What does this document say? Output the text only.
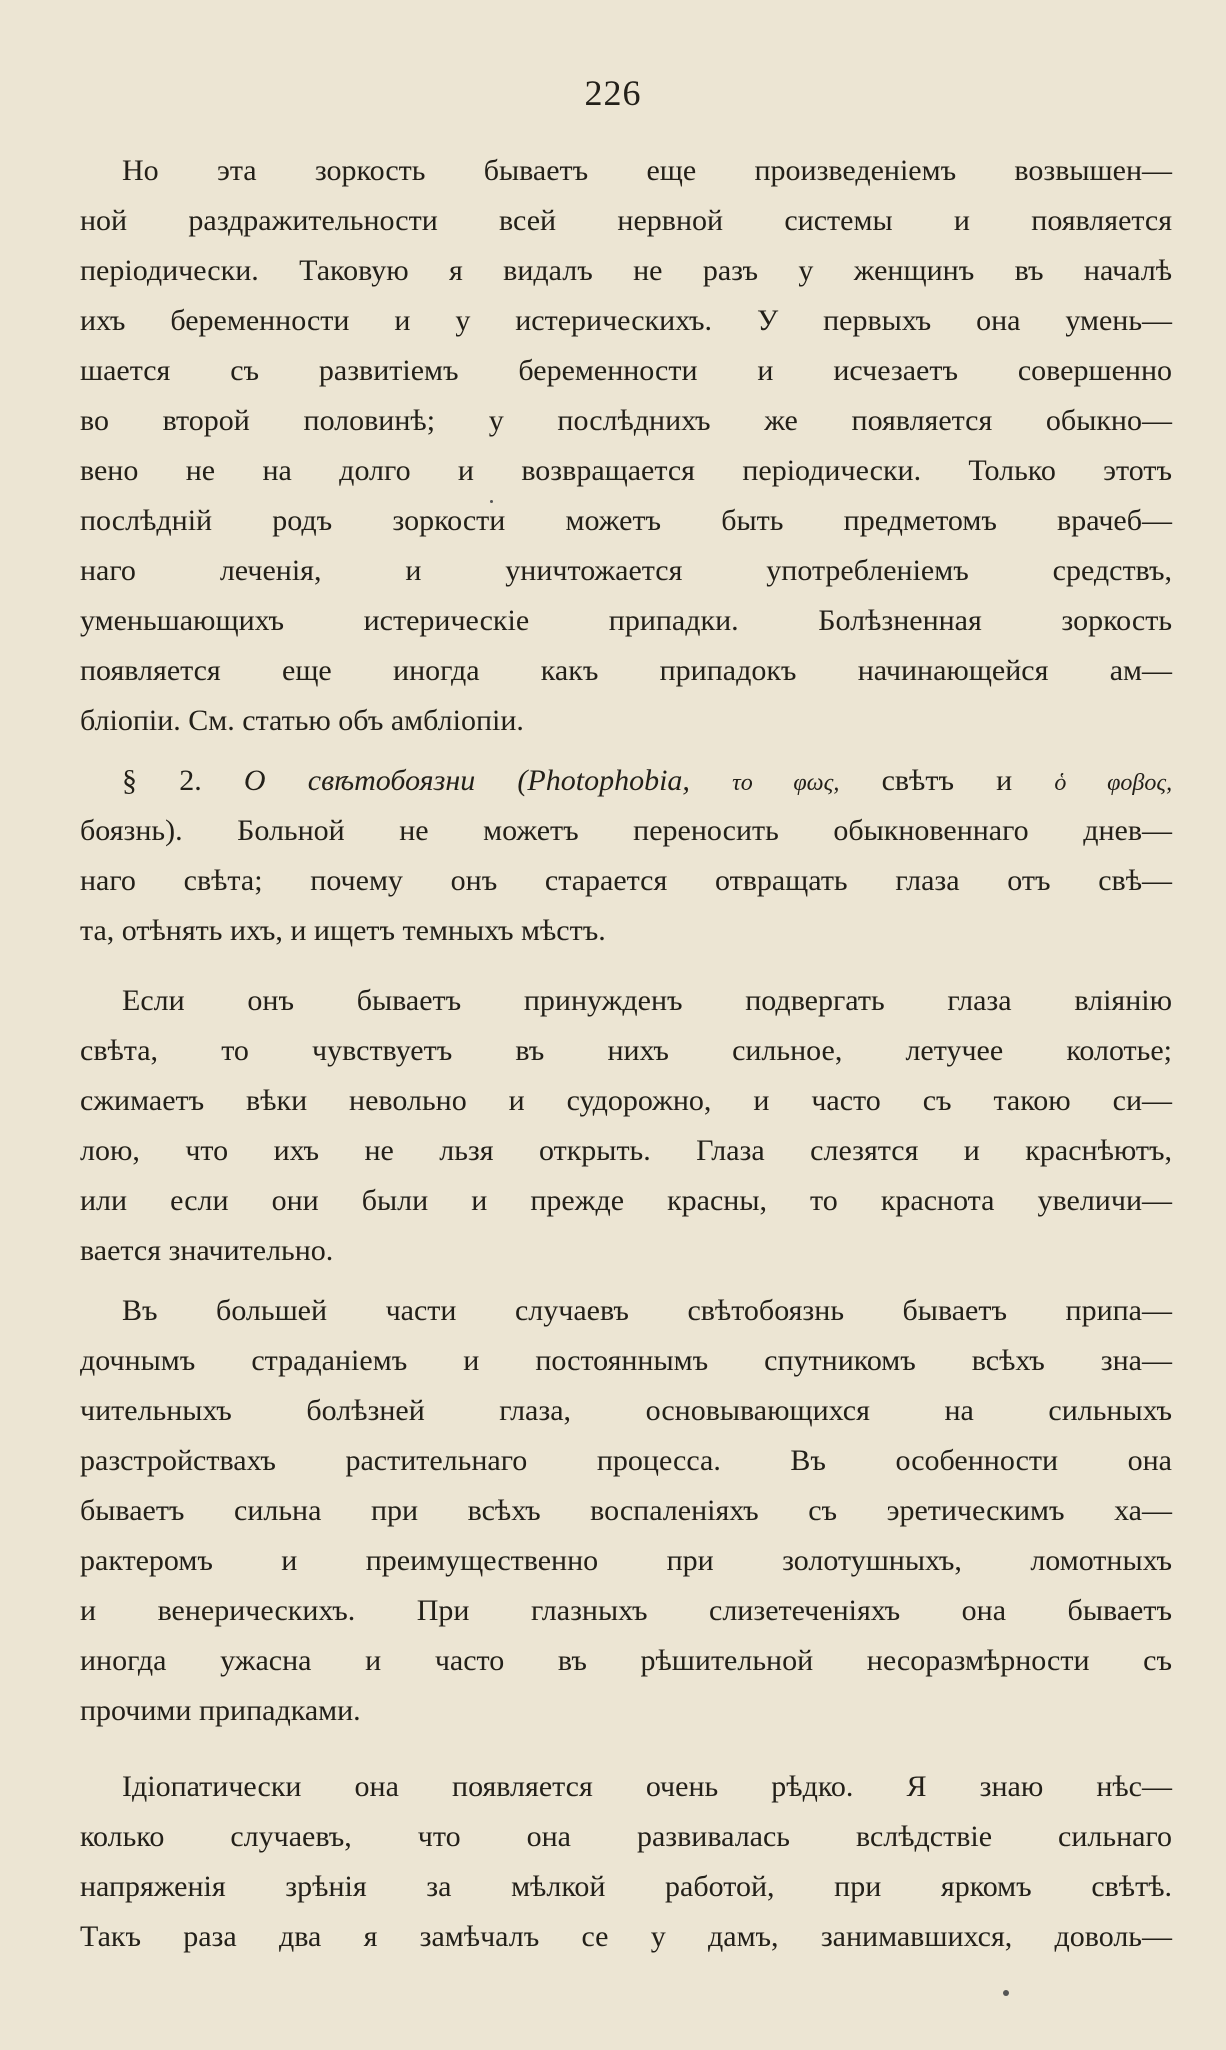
226
Но эта зоркость бываетъ еще произведеніемъ возвышен—
ной раздражительности всей нервной системы и появляется
періодически. Таковую я видалъ не разъ у женщинъ въ началѣ
ихъ беременности и у истерическихъ. У первыхъ она умень—
шается съ развитіемъ беременности и исчезаетъ совершенно
во второй половинѣ; у послѣднихъ же появляется обыкно—
вено не на долго и возвращается періодически. Только этотъ
послѣдній родъ зоркости можетъ быть предметомъ врачеб—
наго леченія, и уничтожается употребленіемъ средствъ,
уменьшающихъ истерическіе припадки. Болѣзненная зоркость
появляется еще иногда какъ припадокъ начинающейся ам—
бліопіи. См. статью объ амбліопіи.
§ 2. О свѣтобоязни (Photophobia, το φως, свѣтъ и ὁ φοβος,
боязнь). Больной не можетъ переносить обыкновеннаго днев—
наго свѣта; почему онъ старается отвращать глаза отъ свѣ—
та, отѣнять ихъ, и ищетъ темныхъ мѣстъ.
Если онъ бываетъ принужденъ подвергать глаза вліянію
свѣта, то чувствуетъ въ нихъ сильное, летучее колотье;
сжимаетъ вѣки невольно и судорожно, и часто съ такою си—
лою, что ихъ не льзя открыть. Глаза слезятся и краснѣютъ,
или если они были и прежде красны, то краснота увеличи—
вается значительно.
Въ большей части случаевъ свѣтобоязнь бываетъ припа—
дочнымъ страданіемъ и постояннымъ спутникомъ всѣхъ зна—
чительныхъ болѣзней глаза, основывающихся на сильныхъ
разстройствахъ растительнаго процесса. Въ особенности она
бываетъ сильна при всѣхъ воспаленіяхъ съ эретическимъ ха—
рактеромъ и преимущественно при золотушныхъ, ломотныхъ
и венерическихъ. При глазныхъ слизетеченіяхъ она бываетъ
иногда ужасна и часто въ рѣшительной несоразмѣрности съ
прочими припадками.
Ідіопатически она появляется очень рѣдко. Я знаю нѣс—
колько случаевъ, что она развивалась вслѣдствіе сильнаго
напряженія зрѣнія за мѣлкой работой, при яркомъ свѣтѣ.
Такъ раза два я замѣчалъ се у дамъ, занимавшихся, доволь—
